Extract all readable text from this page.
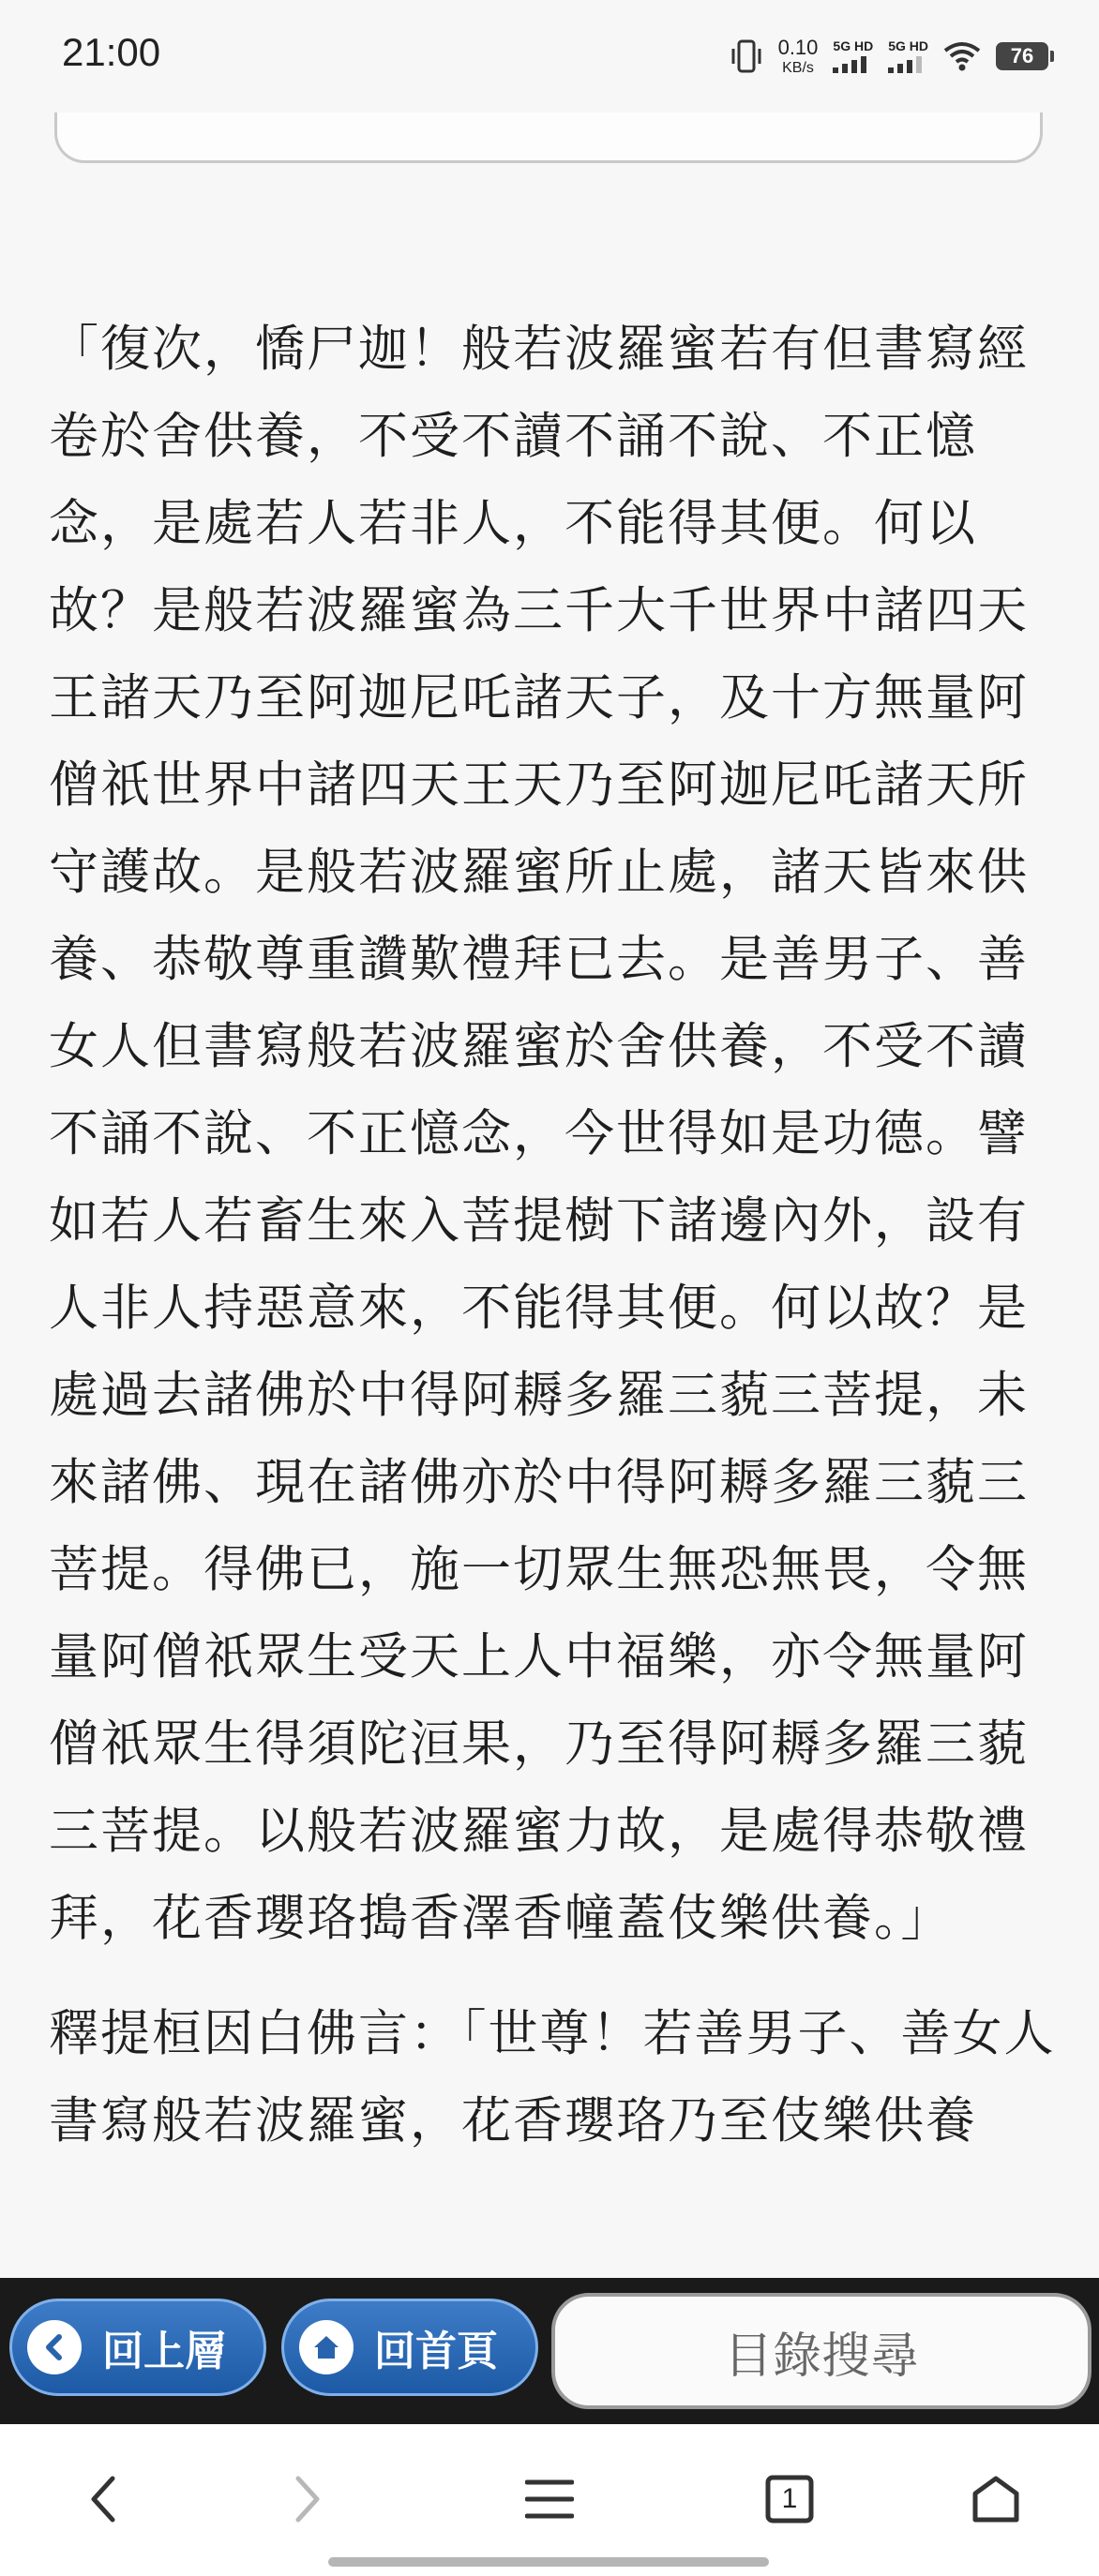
21:00	0.10
KB/s
5G HD 5G HD	76

「復次，憍尸迦！般若波羅蜜若有但書寫經卷於舍供養，不受不讀不誦不說、不正憶念，是處若人若非人，不能得其便。何以故？是般若波羅蜜為三千大千世界中諸四天王諸天乃至阿迦尼吒諸天子，及十方無量阿僧祇世界中諸四天王天乃至阿迦尼吒諸天所守護故。是般若波羅蜜所止處，諸天皆來供養、恭敬尊重讚歎禮拜已去。是善男子、善女人但書寫般若波羅蜜於舍供養，不受不讀不誦不說、不正憶念，今世得如是功德。譬如若人若畜生來入菩提樹下諸邊內外，設有人非人持惡意來，不能得其便。何以故？是處過去諸佛於中得阿耨多羅三藐三菩提，未來諸佛、現在諸佛亦於中得阿耨多羅三藐三菩提。得佛已，施一切眾生無恐無畏，令無量阿僧祇眾生受天上人中福樂，亦令無量阿僧祇眾生得須陀洹果，乃至得阿耨多羅三藐三菩提。以般若波羅蜜力故，是處得恭敬禮拜，花香瓔珞搗香澤香幢蓋伎樂供養。」

釋提桓因白佛言：「世尊！若善男子、善女人書寫般若波羅蜜，花香瓔珞乃至伎樂供養

回上層	回首頁	目錄搜尋
1
